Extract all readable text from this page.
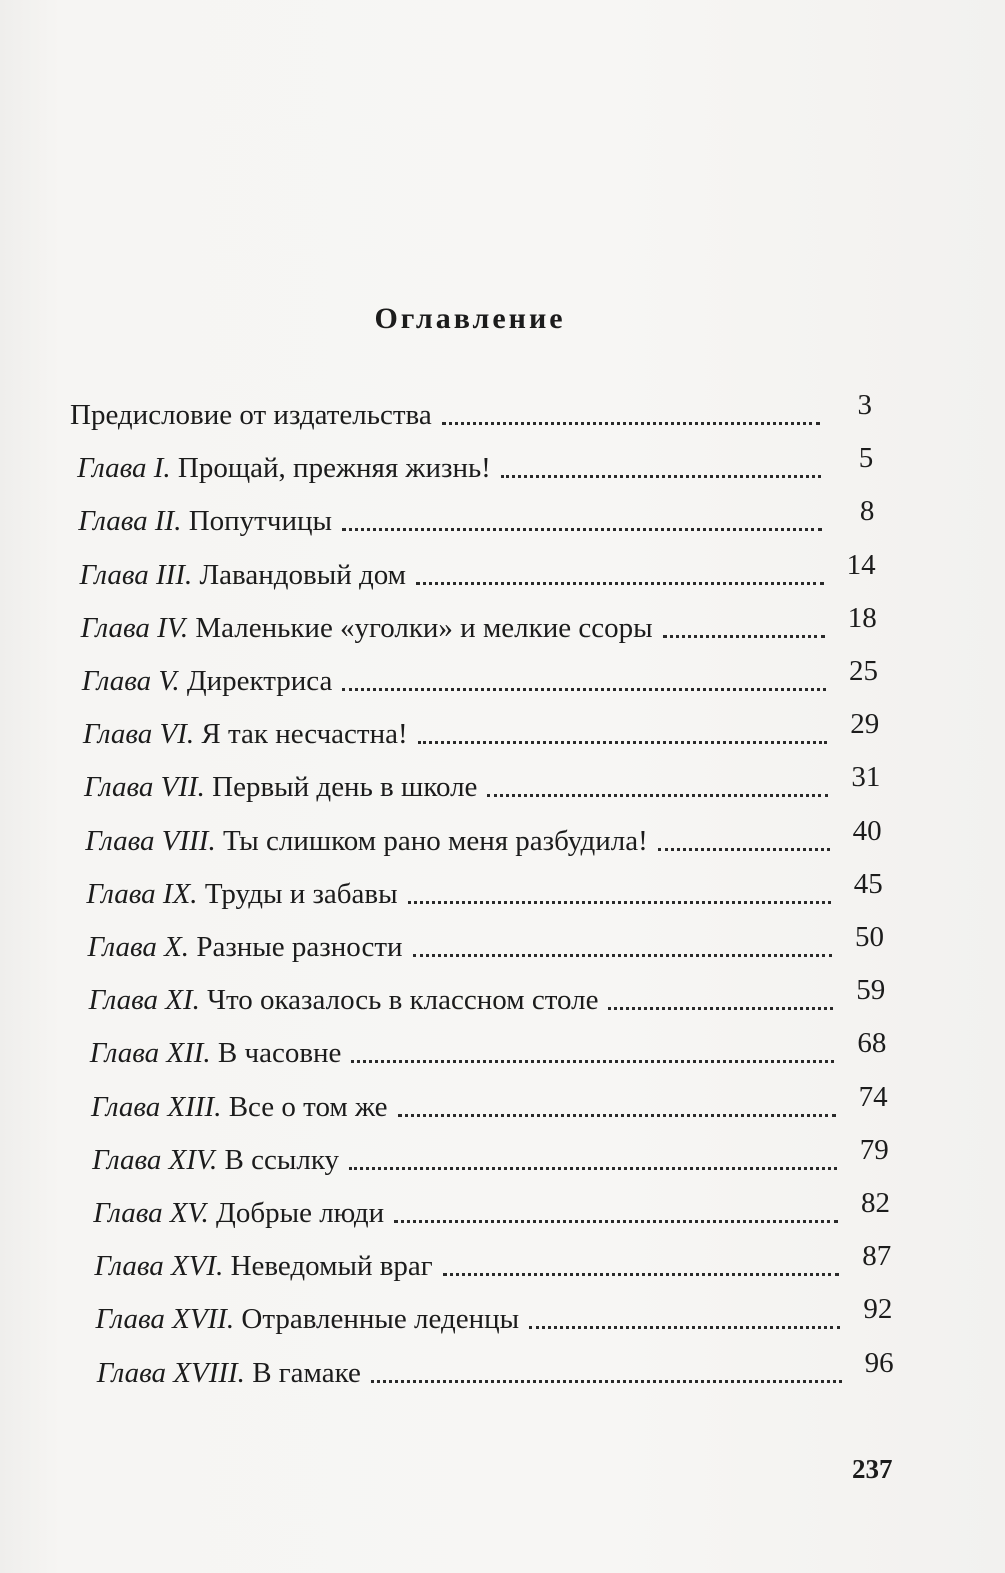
Оглавление
Предисловие от издательства	3
Глава I. Прощай, прежняя жизнь!	5
Глава II. Попутчицы	8
Глава III. Лавандовый дом	14
Глава IV. Маленькие «уголки» и мелкие ссоры	18
Глава V. Директриса	25
Глава VI. Я так несчастна!	29
Глава VII. Первый день в школе	31
Глава VIII. Ты слишком рано меня разбудила!	40
Глава IX. Труды и забавы	45
Глава X. Разные разности	50
Глава XI. Что оказалось в классном столе	59
Глава XII. В часовне	68
Глава XIII. Все о том же	74
Глава XIV. В ссылку	79
Глава XV. Добрые люди	82
Глава XVI. Неведомый враг	87
Глава XVII. Отравленные леденцы	92
Глава XVIII. В гамаке	96
237
